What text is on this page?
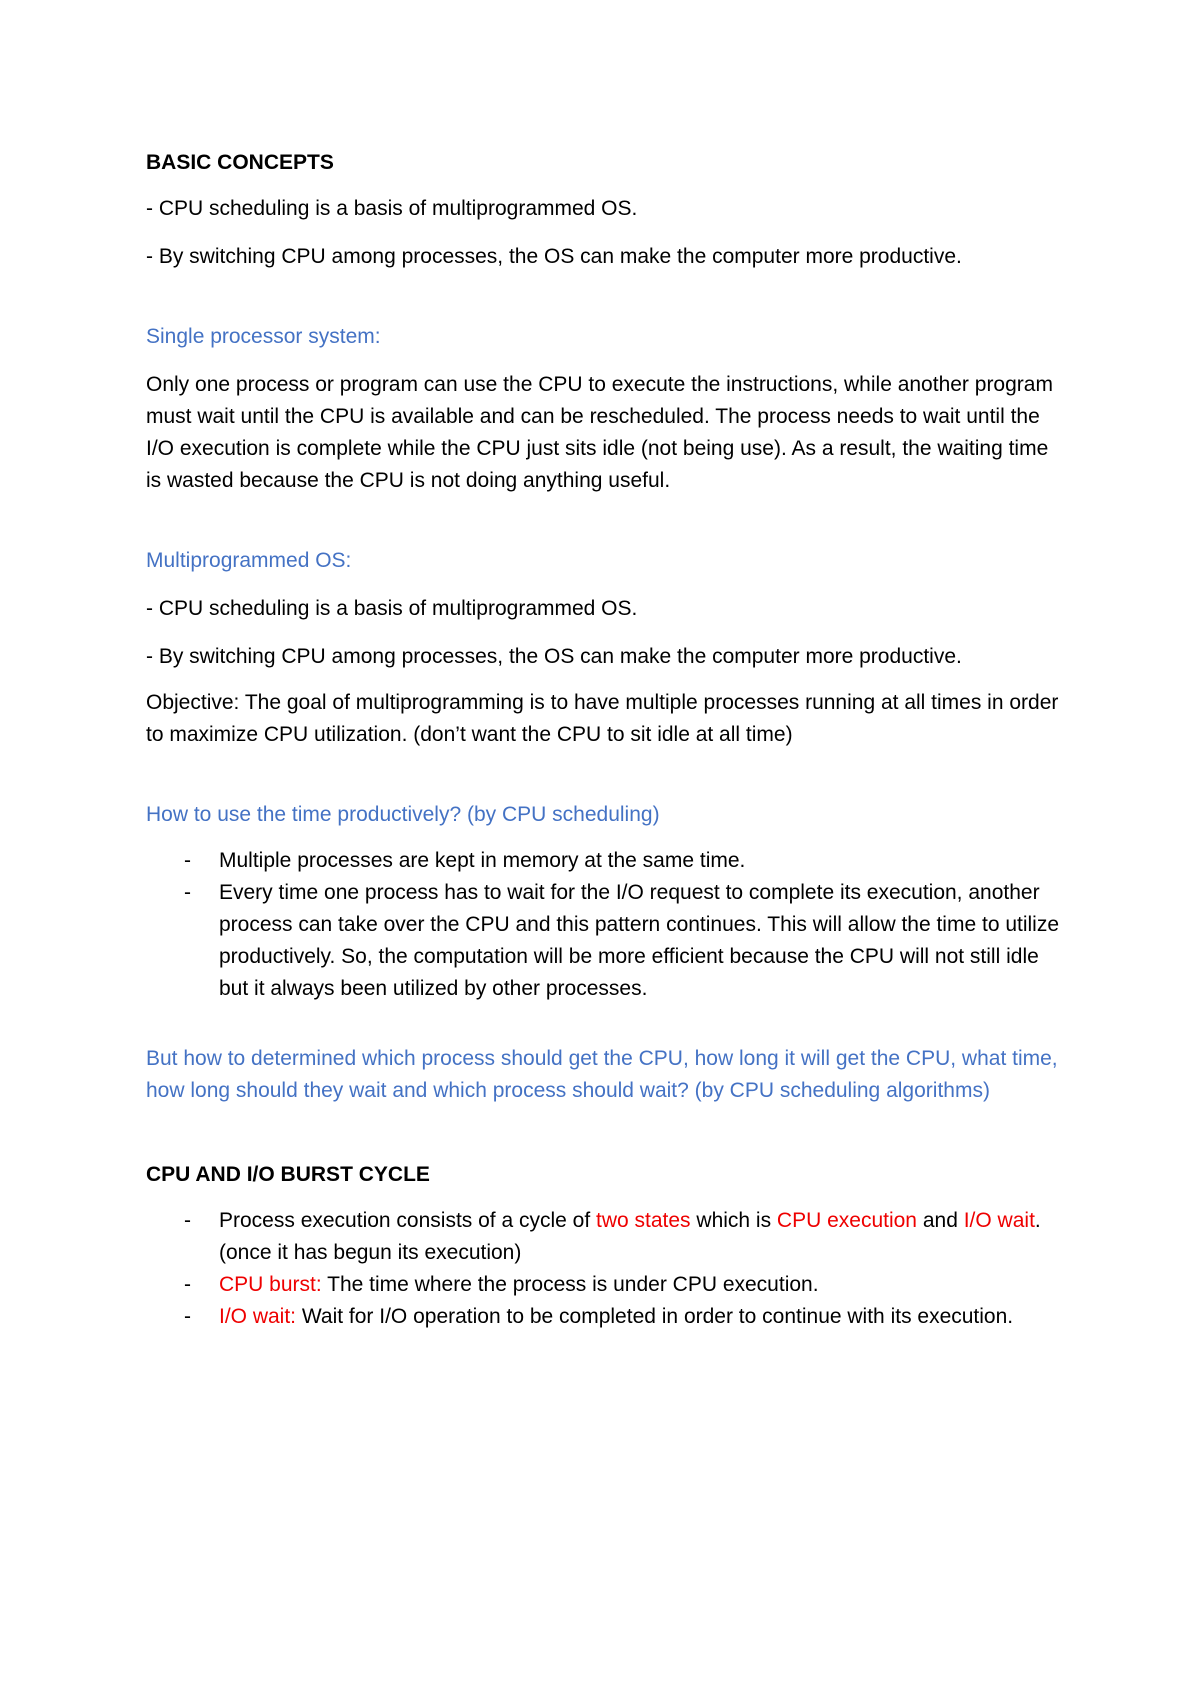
BASIC CONCEPTS

- CPU scheduling is a basis of multiprogrammed OS.

- By switching CPU among processes, the OS can make the computer more productive.

Single processor system:

Only one process or program can use the CPU to execute the instructions, while another program must wait until the CPU is available and can be rescheduled. The process needs to wait until the I/O execution is complete while the CPU just sits idle (not being use). As a result, the waiting time is wasted because the CPU is not doing anything useful.

Multiprogrammed OS:

- CPU scheduling is a basis of multiprogrammed OS.

- By switching CPU among processes, the OS can make the computer more productive.

Objective: The goal of multiprogramming is to have multiple processes running at all times in order to maximize CPU utilization. (don’t want the CPU to sit idle at all time)

How to use the time productively? (by CPU scheduling)

- Multiple processes are kept in memory at the same time.
- Every time one process has to wait for the I/O request to complete its execution, another process can take over the CPU and this pattern continues. This will allow the time to utilize productively. So, the computation will be more efficient because the CPU will not still idle but it always been utilized by other processes.

But how to determined which process should get the CPU, how long it will get the CPU, what time, how long should they wait and which process should wait? (by CPU scheduling algorithms)

CPU AND I/O BURST CYCLE

- Process execution consists of a cycle of two states which is CPU execution and I/O wait. (once it has begun its execution)
- CPU burst: The time where the process is under CPU execution.
- I/O wait: Wait for I/O operation to be completed in order to continue with its execution.
